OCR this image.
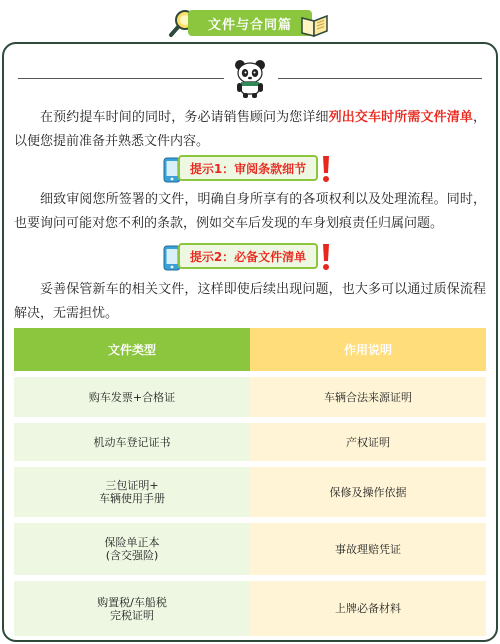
文件与合同篇

在预约提车时间的同时，务必请销售顾问为您详细列出交车时所需文件清单，以便您提前准备并熟悉文件内容。

提示1：审阅条款细节

细致审阅您所签署的文件，明确自身所享有的各项权利以及处理流程。同时，也要询问可能对您不利的条款，例如交车后发现的车身划痕责任归属问题。

提示2：必备文件清单

妥善保管新车的相关文件，这样即使后续出现问题，也大多可以通过质保流程解决，无需担忧。

文件类型	作用说明
购车发票+合格证	车辆合法来源证明
机动车登记证书	产权证明
三包证明+
车辆使用手册	保修及操作依据
保险单正本
(含交强险)	事故理赔凭证
购置税/车船税
完税证明	上牌必备材料
